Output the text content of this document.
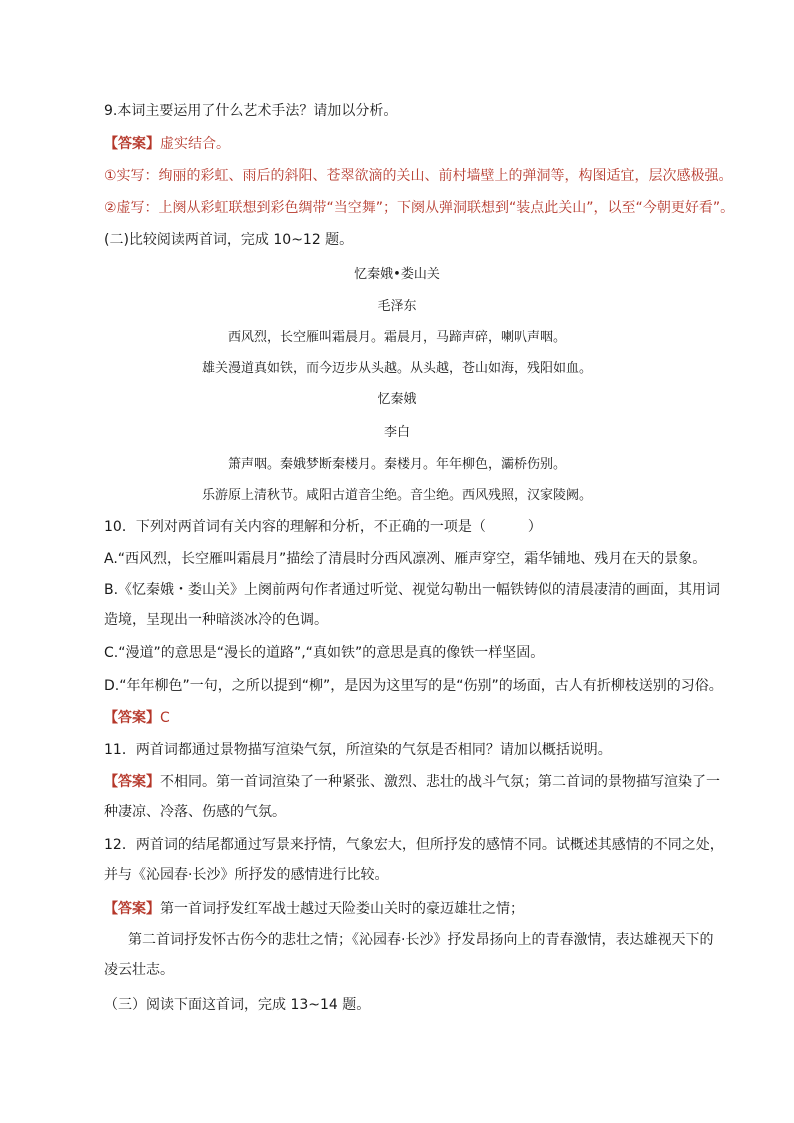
9.本词主要运用了什么艺术手法？请加以分析。
【答案】虚实结合。
①实写：绚丽的彩虹、雨后的斜阳、苍翠欲滴的关山、前村墙壁上的弹洞等，构图适宜，层次感极强。
②虚写：上阕从彩虹联想到彩色绸带“当空舞”；下阕从弹洞联想到“装点此关山”，以至“今朝更好看”。
(二)比较阅读两首词，完成 10~12 题。
忆秦娥•娄山关
毛泽东
西风烈，长空雁叫霜晨月。霜晨月，马蹄声碎，喇叭声咽。
雄关漫道真如铁，而今迈步从头越。从头越，苍山如海，残阳如血。
忆秦娥
李白
箫声咽。秦娥梦断秦楼月。秦楼月。年年柳色，灞桥伤别。
乐游原上清秋节。咸阳古道音尘绝。音尘绝。西风残照，汉家陵阙。
10．下列对两首词有关内容的理解和分析，不正确的一项是（　　　）
A.“西风烈，长空雁叫霜晨月”描绘了清晨时分西风凛冽、雁声穿空，霜华铺地、残月在天的景象。
B.《忆秦娥・娄山关》上阕前两句作者通过听觉、视觉勾勒出一幅铁铸似的清晨凄清的画面，其用词造境，呈现出一种暗淡冰冷的色调。
C.“漫道”的意思是“漫长的道路”,“真如铁”的意思是真的像铁一样坚固。
D.“年年柳色”一句，之所以提到“柳”，是因为这里写的是“伤别”的场面，古人有折柳枝送别的习俗。
【答案】C
11．两首词都通过景物描写渲染气氛，所渲染的气氛是否相同？请加以概括说明。
【答案】不相同。第一首词渲染了一种紧张、激烈、悲壮的战斗气氛；第二首词的景物描写渲染了一种凄凉、冷落、伤感的气氛。
12．两首词的结尾都通过写景来抒情，气象宏大，但所抒发的感情不同。试概述其感情的不同之处，并与《沁园春·长沙》所抒发的感情进行比较。
【答案】第一首词抒发红军战士越过天险娄山关时的豪迈雄壮之情；
第二首词抒发怀古伤今的悲壮之情；《沁园春·长沙》抒发昂扬向上的青春激情，表达雄视天下的凌云壮志。
（三）阅读下面这首词，完成 13~14 题。
